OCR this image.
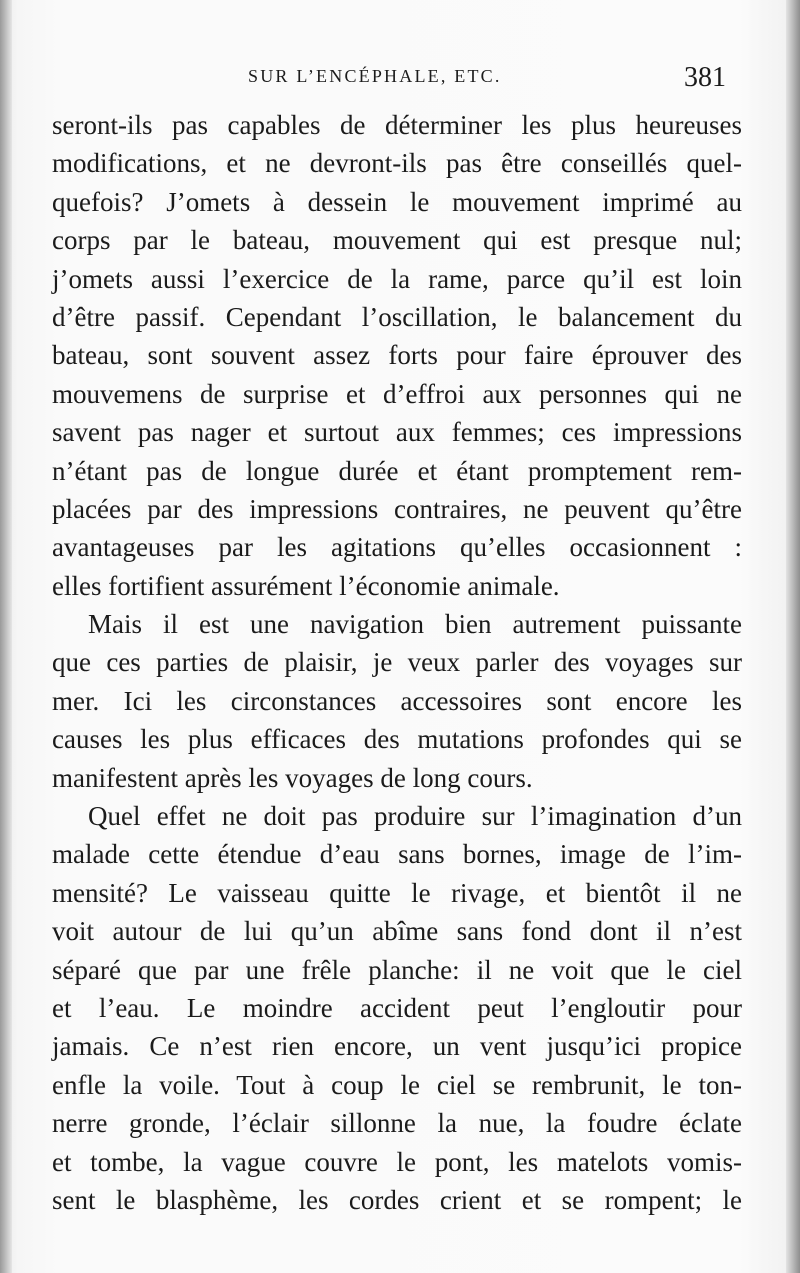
SUR L’ENCÉPHALE, ETC.	381
seront-ils pas capables de déterminer les plus heureuses
modifications, et ne devront-ils pas être conseillés quel-
quefois? J’omets à dessein le mouvement imprimé au
corps par le bateau, mouvement qui est presque nul;
j’omets aussi l’exercice de la rame, parce qu’il est loin
d’être passif. Cependant l’oscillation, le balancement du
bateau, sont souvent assez forts pour faire éprouver des
mouvemens de surprise et d’effroi aux personnes qui ne
savent pas nager et surtout aux femmes; ces impressions
n’étant pas de longue durée et étant promptement rem-
placées par des impressions contraires, ne peuvent qu’être
avantageuses par les agitations qu’elles occasionnent :
elles fortifient assurément l’économie animale.
Mais il est une navigation bien autrement puissante
que ces parties de plaisir, je veux parler des voyages sur
mer. Ici les circonstances accessoires sont encore les
causes les plus efficaces des mutations profondes qui se
manifestent après les voyages de long cours.
Quel effet ne doit pas produire sur l’imagination d’un
malade cette étendue d’eau sans bornes, image de l’im-
mensité? Le vaisseau quitte le rivage, et bientôt il ne
voit autour de lui qu’un abîme sans fond dont il n’est
séparé que par une frêle planche: il ne voit que le ciel
et l’eau. Le moindre accident peut l’engloutir pour
jamais. Ce n’est rien encore, un vent jusqu’ici propice
enfle la voile. Tout à coup le ciel se rembrunit, le ton-
nerre gronde, l’éclair sillonne la nue, la foudre éclate
et tombe, la vague couvre le pont, les matelots vomis-
sent le blasphème, les cordes crient et se rompent; le
